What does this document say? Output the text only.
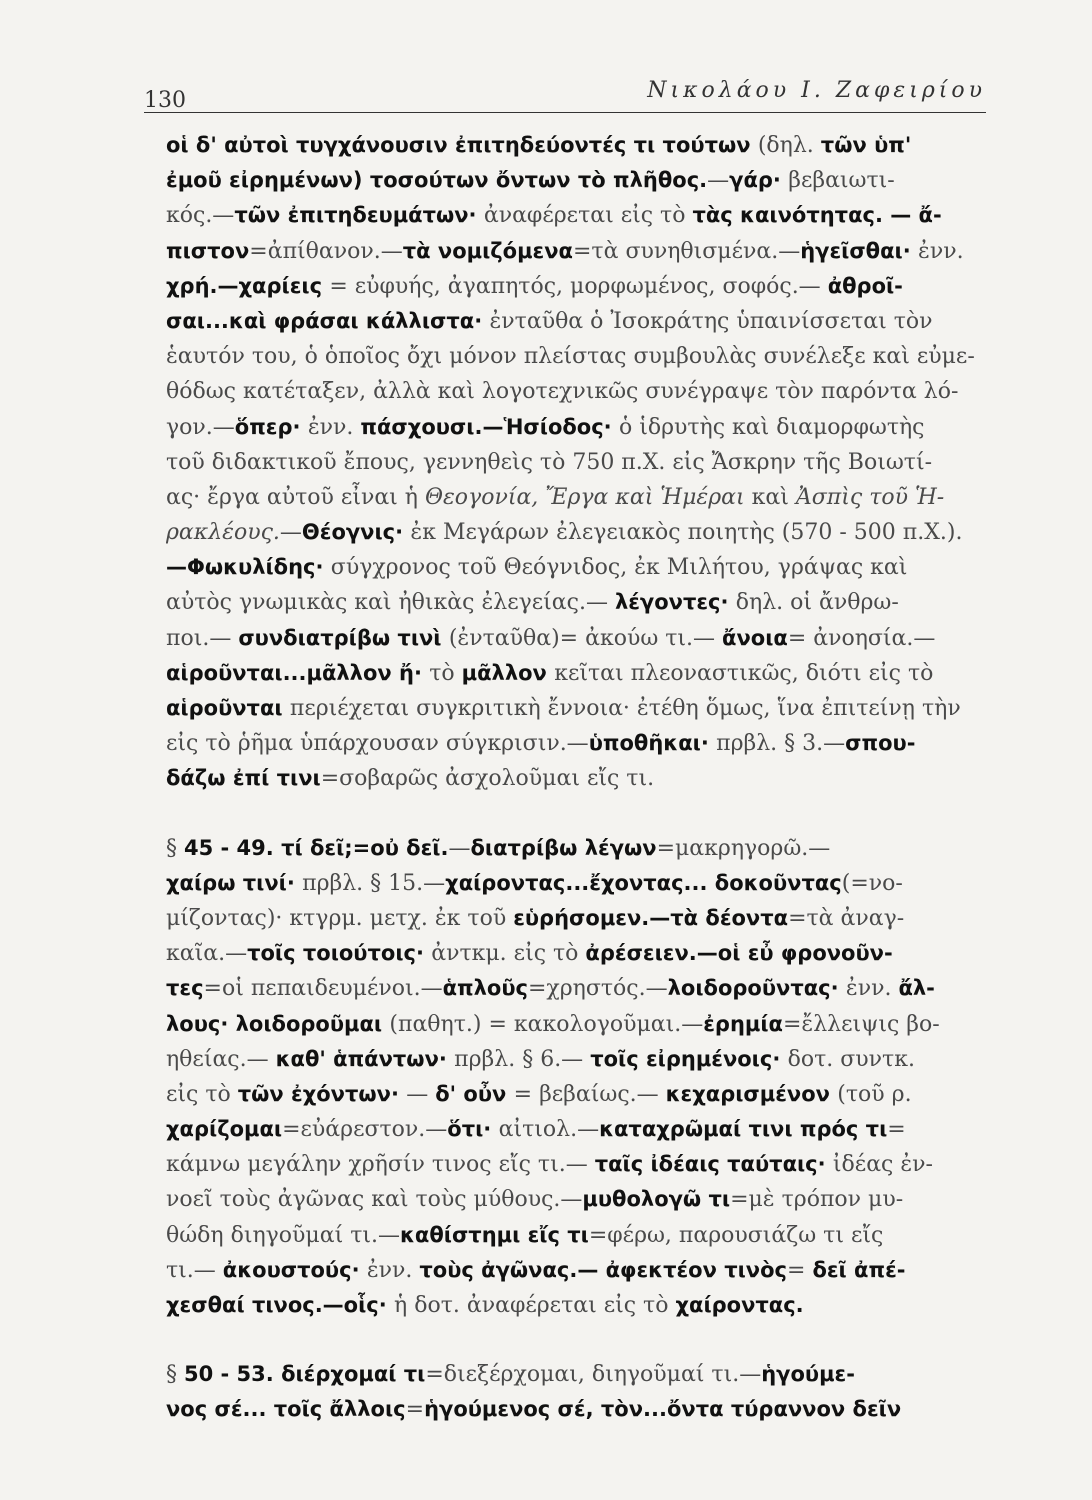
130	Νικολάου Ι. Ζαφειρίου
οἱ δ' αὐτοὶ τυγχάνουσιν ἐπιτηδεύοντές τι τούτων (δηλ. τῶν ὑπ'
ἐμοῦ εἰρημένων) τοσούτων ὄντων τὸ πλῆθος. — γάρ· βεβαιωτι-
κός.— τῶν ἐπιτηδευμάτων· ἀναφέρεται εἰς τὸ τὰς καινότητας. — ἄ-
πιστον =ἀπίθανον.— τὰ νομιζόμενα =τὰ συνηθισμένα.— ἡγεῖσθαι· ἐνν.
χρή.—χαρίεις = εὐφυής, ἀγαπητός, μορφωμένος, σοφός.— ἀθροῖ-
σαι...καὶ φράσαι κάλλιστα· ἐνταῦθα ὁ Ἰσοκράτης ὑπαινίσσεται τὸν
ἑαυτόν του, ὁ ὁποῖος ὄχι μόνον πλείστας συμβουλὰς συνέλεξε καὶ εὐμε-
θόδως κατέταξεν, ἀλλὰ καὶ λογοτεχνικῶς συνέγραψε τὸν παρόντα λό-
γον.— ὅπερ· ἐνν. πάσχουσι.—Ἡσίοδος· ὁ ἱδρυτὴς καὶ διαμορφωτὴς
τοῦ διδακτικοῦ ἔπους, γεννηθεὶς τὸ 750 π.Χ. εἰς Ἄσκρην τῆς Βοιωτί-
ας· ἔργα αὐτοῦ εἶναι ἡ Θεογονία, Ἔργα καὶ Ἡμέραι καὶ Ἀσπὶς τοῦ Ἡ-
ρακλέους. — Θέογνις· ἐκ Μεγάρων ἐλεγειακὸς ποιητὴς (570 - 500 π.Χ.).
—Φωκυλίδης· σύγχρονος τοῦ Θεόγνιδος, ἐκ Μιλήτου, γράψας καὶ
αὐτὸς γνωμικὰς καὶ ἠθικὰς ἐλεγείας.— λέγοντες· δηλ. οἱ ἄνθρω-
ποι.— συνδιατρίβω τινὶ (ἐνταῦθα)= ἀκούω τι.— ἄνοια = ἀνοησία.—
αἱροῦνται...μᾶλλον ἤ· τὸ μᾶλλον κεῖται πλεοναστικῶς, διότι εἰς τὸ
αἱροῦνται περιέχεται συγκριτικὴ ἔννοια· ἐτέθη ὅμως, ἵνα ἐπιτείνῃ τὴν
εἰς τὸ ῥῆμα ὑπάρχουσαν σύγκρισιν.— ὑποθῆκαι· πρβλ. § 3.— σπου-
δάζω ἐπί τινι =σοβαρῶς ἀσχολοῦμαι εἴς τι.
§ 45 - 49. τί δεῖ;=οὐ δεῖ. — διατρίβω λέγων =μακρηγορῶ.—
χαίρω τινί· πρβλ. § 15.— χαίροντας...ἔχοντας... δοκοῦντας (=νο-
μίζοντας)· κτγρμ. μετχ. ἐκ τοῦ εὑρήσομεν.—τὰ δέοντα =τὰ ἀναγ-
καῖα.— τοῖς τοιούτοις· ἀντκμ. εἰς τὸ ἀρέσειεν.—οἱ εὖ φρονοῦν-
τες =οἱ πεπαιδευμένοι.— ἁπλοῦς =χρηστός.— λοιδοροῦντας· ἐνν. ἄλ-
λους· λοιδοροῦμαι (παθητ.) = κακολογοῦμαι.— ἐρημία =ἔλλειψις βο-
ηθείας.— καθ' ἁπάντων· πρβλ. § 6.— τοῖς εἰρημένοις· δοτ. συντκ.
εἰς τὸ τῶν ἐχόντων· — δ' οὖν = βεβαίως.— κεχαρισμένον (τοῦ ρ.
χαρίζομαι =εὐάρεστον.— ὅτι· αἰτιολ.— καταχρῶμαί τινι πρός τι =
κάμνω μεγάλην χρῆσίν τινος εἴς τι.— ταῖς ἰδέαις ταύταις· ἰδέας ἐν-
νοεῖ τοὺς ἀγῶνας καὶ τοὺς μύθους.— μυθολογῶ τι =μὲ τρόπον μυ-
θώδη διηγοῦμαί τι.— καθίστημι εἴς τι =φέρω, παρουσιάζω τι εἴς
τι.— ἀκουστούς· ἐνν. τοὺς ἀγῶνας.— ἀφεκτέον τινὸς = δεῖ ἀπέ-
χεσθαί τινος.—οἷς· ἡ δοτ. ἀναφέρεται εἰς τὸ χαίροντας.
§ 50 - 53. διέρχομαί τι =διεξέρχομαι, διηγοῦμαί τι.— ἡγούμε-
νος σέ... τοῖς ἄλλοις = ἡγούμενος σέ, τὸν...ὄντα τύραννον δεῖν
